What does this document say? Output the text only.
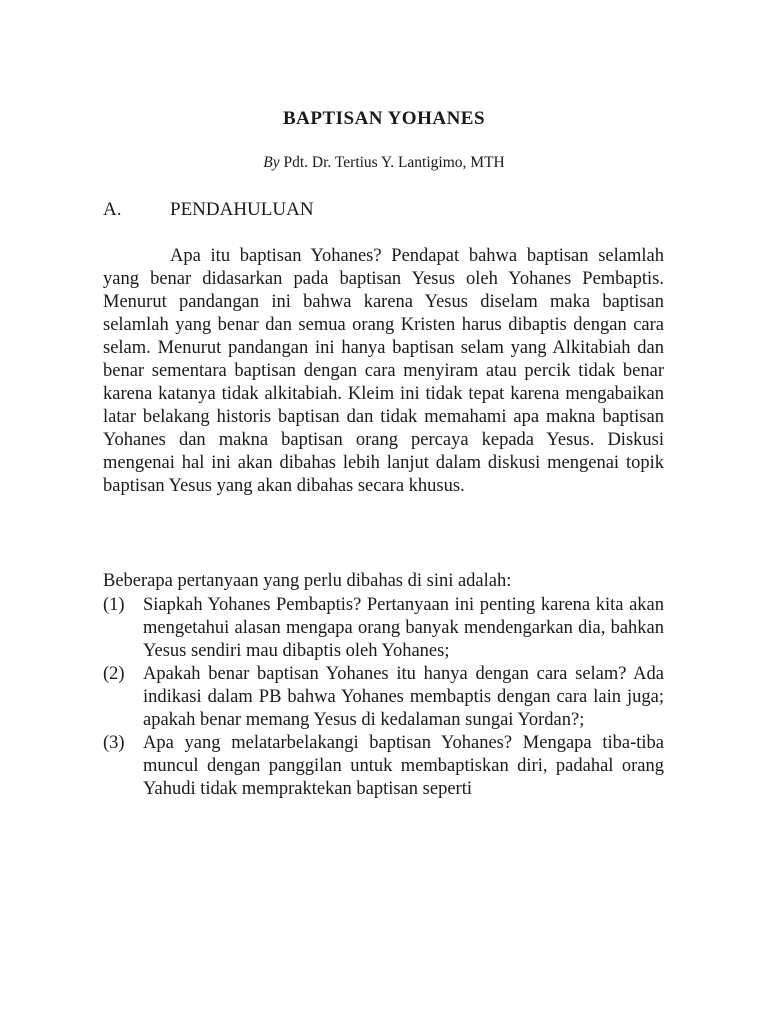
BAPTISAN YOHANES
By Pdt. Dr. Tertius Y. Lantigimo, MTH
A.	PENDAHULUAN

Apa itu baptisan Yohanes? Pendapat bahwa baptisan selamlah yang benar didasarkan pada baptisan Yesus oleh Yohanes Pembaptis. Menurut pandangan ini bahwa karena Yesus diselam maka baptisan selamlah yang benar dan semua orang Kristen harus dibaptis dengan cara selam. Menurut pandangan ini hanya baptisan selam yang Alkitabiah dan benar sementara baptisan dengan cara menyiram atau percik tidak benar karena katanya tidak alkitabiah. Kleim ini tidak tepat karena mengabaikan latar belakang historis baptisan dan tidak memahami apa makna baptisan Yohanes dan makna baptisan orang percaya kepada Yesus. Diskusi mengenai hal ini akan dibahas lebih lanjut dalam diskusi mengenai topik baptisan Yesus yang akan dibahas secara khusus.

Beberapa pertanyaan yang perlu dibahas di sini adalah:

(1) Siapkah Yohanes Pembaptis? Pertanyaan ini penting karena kita akan mengetahui alasan mengapa orang banyak mendengarkan dia, bahkan Yesus sendiri mau dibaptis oleh Yohanes;
(2) Apakah benar baptisan Yohanes itu hanya dengan cara selam? Ada indikasi dalam PB bahwa Yohanes membaptis dengan cara lain juga; apakah benar memang Yesus di kedalaman sungai Yordan?;
(3) Apa yang melatarbelakangi baptisan Yohanes? Mengapa tiba-tiba muncul dengan panggilan untuk membaptiskan diri, padahal orang Yahudi tidak mempraktekan baptisan seperti
